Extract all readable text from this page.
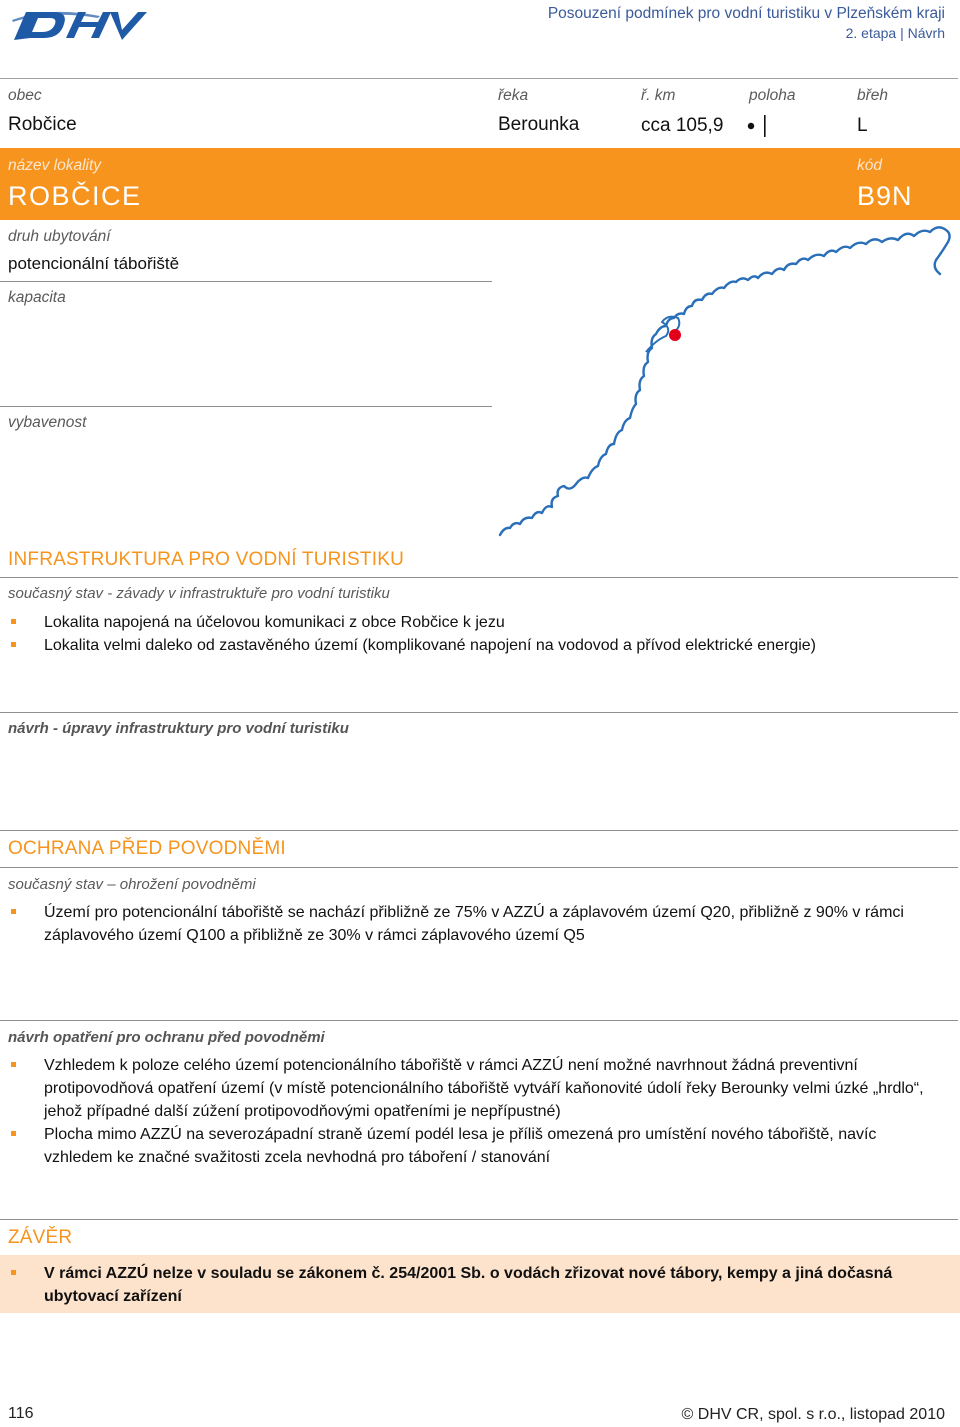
Posouzení podmínek pro vodní turistiku v Plzeňském kraji
2. etapa | Návrh
obec
Robčice
řeka
Berounka
ř. km
cca 105,9
poloha	břeh
L
název lokality
ROBČICE
kód
B9N
druh ubytování
potencionální tábořiště
kapacita
vybavenost
INFRASTRUKTURA PRO VODNÍ TURISTIKU
současný stav - závady v infrastruktuře pro vodní turistiku
Lokalita napojená na účelovou komunikaci z obce Robčice k jezu
Lokalita velmi daleko od zastavěného území (komplikované napojení na vodovod a přívod elektrické energie)
návrh - úpravy infrastruktury pro vodní turistiku
OCHRANA PŘED POVODNĚMI
současný stav – ohrožení povodněmi
Území pro potencionální tábořiště se nachází přibližně ze 75% v AZZÚ a záplavovém území Q20, přibližně z 90% v rámci záplavového území Q100 a přibližně ze 30% v rámci záplavového území Q5
návrh opatření pro ochranu před povodněmi
Vzhledem k poloze celého území potencionálního tábořiště v rámci AZZÚ není možné navrhnout žádná preventivní protipovodňová opatření území (v místě potencionálního tábořiště vytváří kaňonovité údolí řeky Berounky velmi úzké „hrdlo“, jehož případné další zúžení protipovodňovými opatřeními je nepřípustné)
Plocha mimo AZZÚ na severozápadní straně území podél lesa je příliš omezená pro umístění nového tábořiště, navíc vzhledem ke značné svažitosti zcela nevhodná pro táboření / stanování
ZÁVĚR
V rámci AZZÚ nelze v souladu se zákonem č. 254/2001 Sb. o vodách zřizovat nové tábory, kempy a jiná dočasná ubytovací zařízení
116	© DHV CR, spol. s r.o., listopad 2010
